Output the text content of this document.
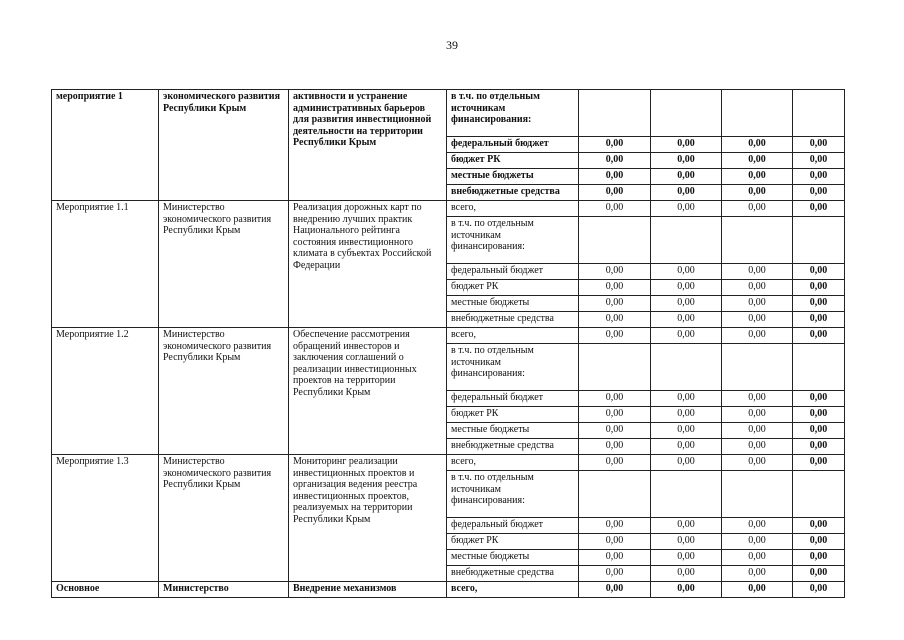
39
мероприятие 1	экономического развития Республики Крым	активности и устранение административных барьеров для развития инвестиционной деятельности на территории Республики Крым	в т.ч. по отдельным источникам финансирования:				
			федеральный бюджет	0,00	0,00	0,00	0,00
			бюджет РК	0,00	0,00	0,00	0,00
			местные бюджеты	0,00	0,00	0,00	0,00
			внебюджетные средства	0,00	0,00	0,00	0,00
Мероприятие 1.1	Министерство экономического развития Республики Крым	Реализация дорожных карт по внедрению лучших практик Национального рейтинга состояния инвестиционного климата в субъектах Российской Федерации	всего,	0,00	0,00	0,00	0,00
			в т.ч. по отдельным источникам финансирования:				
			федеральный бюджет	0,00	0,00	0,00	0,00
			бюджет РК	0,00	0,00	0,00	0,00
			местные бюджеты	0,00	0,00	0,00	0,00
			внебюджетные средства	0,00	0,00	0,00	0,00
Мероприятие 1.2	Министерство экономического развития Республики Крым	Обеспечение рассмотрения обращений инвесторов и заключения соглашений о реализации инвестиционных проектов на территории Республики Крым	всего,	0,00	0,00	0,00	0,00
			в т.ч. по отдельным источникам финансирования:				
			федеральный бюджет	0,00	0,00	0,00	0,00
			бюджет РК	0,00	0,00	0,00	0,00
			местные бюджеты	0,00	0,00	0,00	0,00
			внебюджетные средства	0,00	0,00	0,00	0,00
Мероприятие 1.3	Министерство экономического развития Республики Крым	Мониторинг реализации инвестиционных проектов и организация ведения реестра инвестиционных проектов, реализуемых на территории Республики Крым	всего,	0,00	0,00	0,00	0,00
			в т.ч. по отдельным источникам финансирования:				
			федеральный бюджет	0,00	0,00	0,00	0,00
			бюджет РК	0,00	0,00	0,00	0,00
			местные бюджеты	0,00	0,00	0,00	0,00
			внебюджетные средства	0,00	0,00	0,00	0,00
Основное	Министерство	Внедрение механизмов	всего,	0,00	0,00	0,00	0,00
